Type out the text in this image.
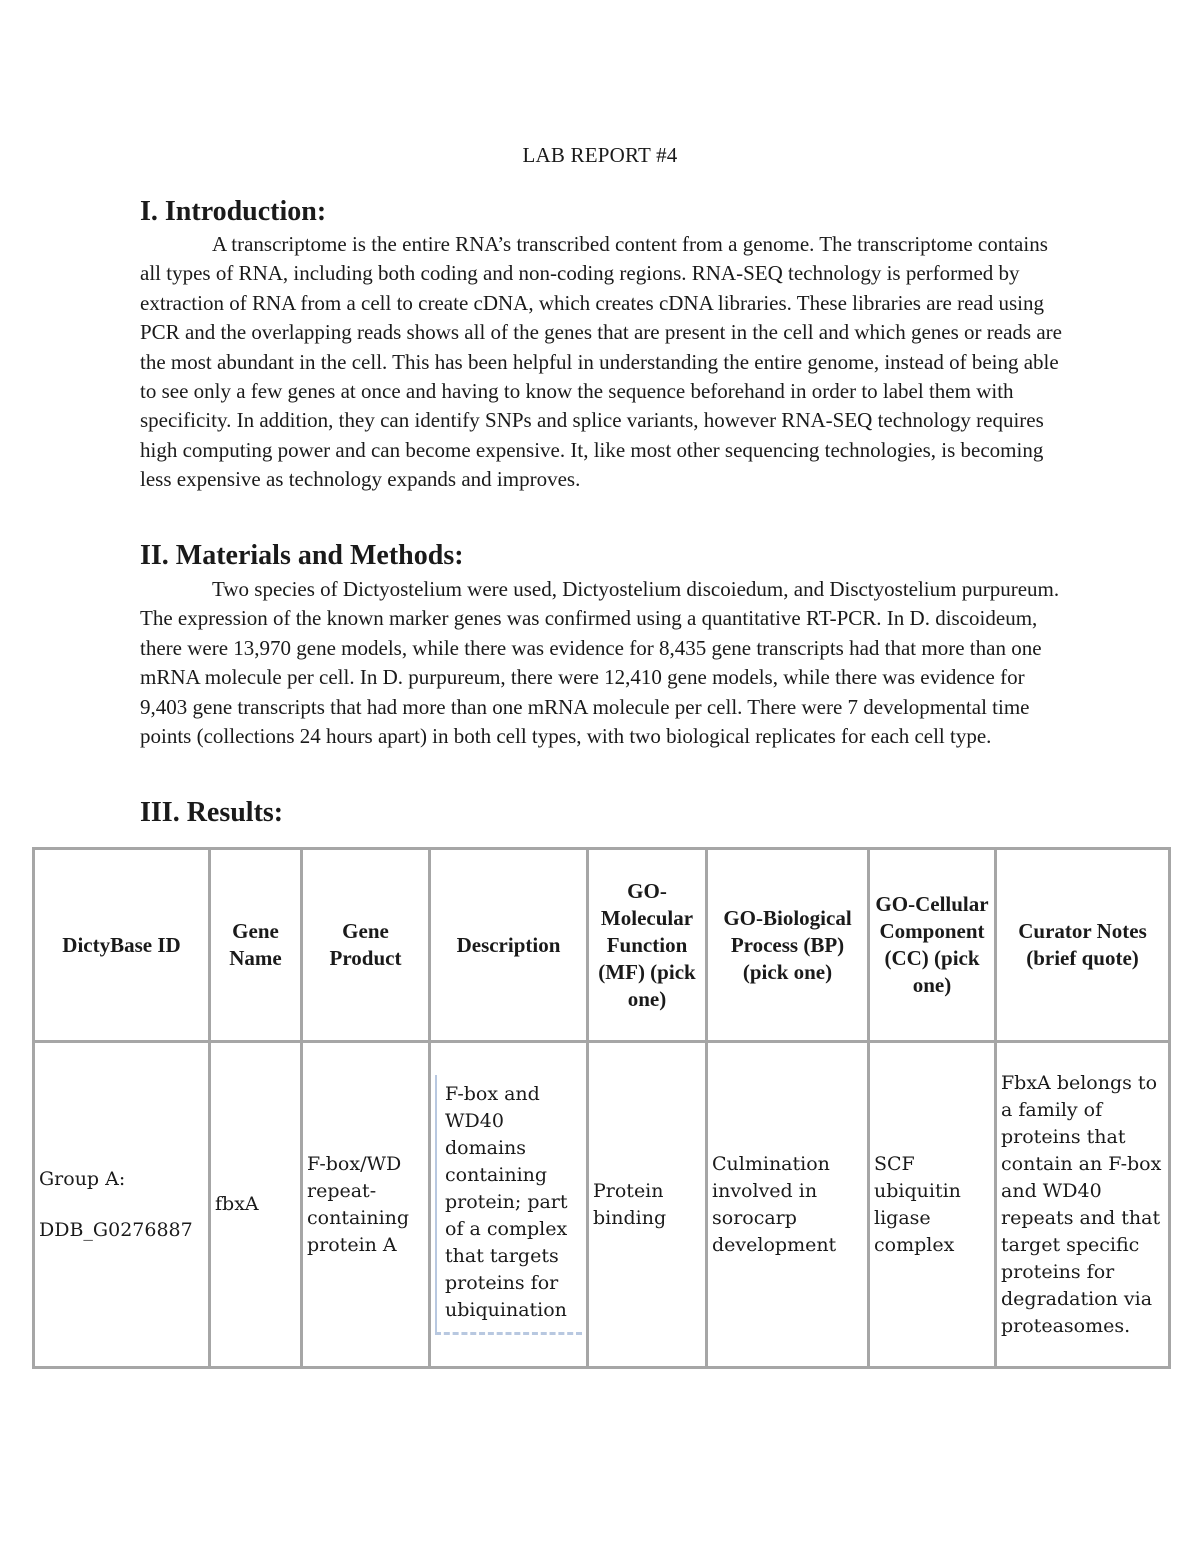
LAB REPORT #4
I. Introduction:

A transcriptome is the entire RNA’s transcribed content from a genome. The transcriptome contains all types of RNA, including both coding and non-coding regions. RNA-SEQ technology is performed by extraction of RNA from a cell to create cDNA, which creates cDNA libraries. These libraries are read using PCR and the overlapping reads shows all of the genes that are present in the cell and which genes or reads are the most abundant in the cell. This has been helpful in understanding the entire genome, instead of being able to see only a few genes at once and having to know the sequence beforehand in order to label them with specificity. In addition, they can identify SNPs and splice variants, however RNA-SEQ technology requires high computing power and can become expensive. It, like most other sequencing technologies, is becoming less expensive as technology expands and improves.

II. Materials and Methods:

Two species of Dictyostelium were used, Dictyostelium discoiedum, and Disctyostelium purpureum. The expression of the known marker genes was confirmed using a quantitative RT-PCR. In D. discoideum, there were 13,970 gene models, while there was evidence for 8,435 gene transcripts had that more than one mRNA molecule per cell. In D. purpureum, there were 12,410 gene models, while there was evidence for 9,403 gene transcripts that had more than one mRNA molecule per cell. There were 7 developmental time points (collections 24 hours apart) in both cell types, with two biological replicates for each cell type.

III. Results:
DictyBase ID	Gene Name	Gene Product	Description	GO-Molecular Function (MF) (pick one)	GO-Biological Process (BP) (pick one)	GO-Cellular Component (CC) (pick one)	Curator Notes (brief quote)

Group A:
DDB_G0276887	fbxA	F-box/WD repeat-containing protein A	F-box and WD40 domains containing protein; part of a complex that targets proteins for ubiquination	Protein binding	Culmination involved in sorocarp development	SCF ubiquitin ligase complex	FbxA belongs to a family of proteins that contain an F-box and WD40 repeats and that target specific proteins for degradation via proteasomes.
